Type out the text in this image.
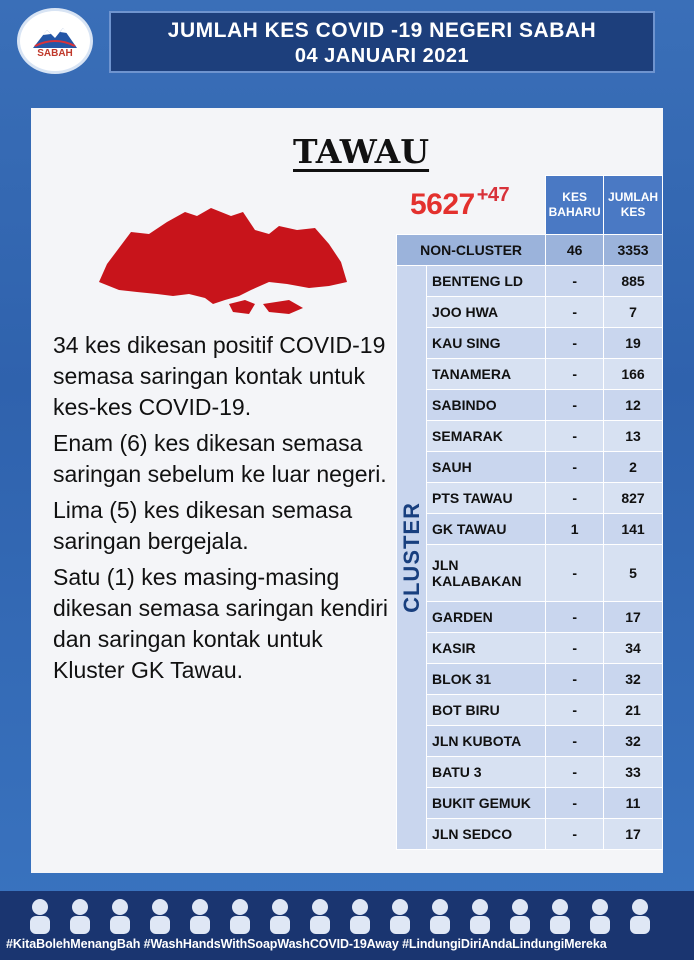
SABAH
JUMLAH KES COVID -19 NEGERI SABAH
04 JANUARI 2021
TAWAU

34 kes dikesan positif COVID-19 semasa saringan kontak untuk kes-kes COVID-19.

Enam (6) kes dikesan semasa saringan sebelum ke luar negeri.

Lima (5) kes dikesan semasa saringan bergejala.

Satu (1) kes masing-masing dikesan semasa saringan kendiri dan saringan kontak untuk Kluster GK Tawau.

5627 $^{+47}$
			KES BAHARU	JUMLAH KES
NON-CLUSTER		46	3353

CLUSTER	BENTENG LD	-	885
	JOO HWA	-	7
	KAU SING	-	19
	TANAMERA	-	166
	SABINDO	-	12
	SEMARAK	-	13
	SAUH	-	2
	PTS TAWAU	-	827
	GK TAWAU	1	141
	JLN KALABAKAN	-	5
	GARDEN	-	17
	KASIR	-	34
	BLOK 31	-	32
	BOT BIRU	-	21
	JLN KUBOTA	-	32
	BATU 3	-	33
	BUKIT GEMUK	-	11
	JLN SEDCO	-	17
#KitaBolehMenangBah #WashHandsWithSoapWashCOVID-19Away #LindungiDiriAndaLindungiMereka
